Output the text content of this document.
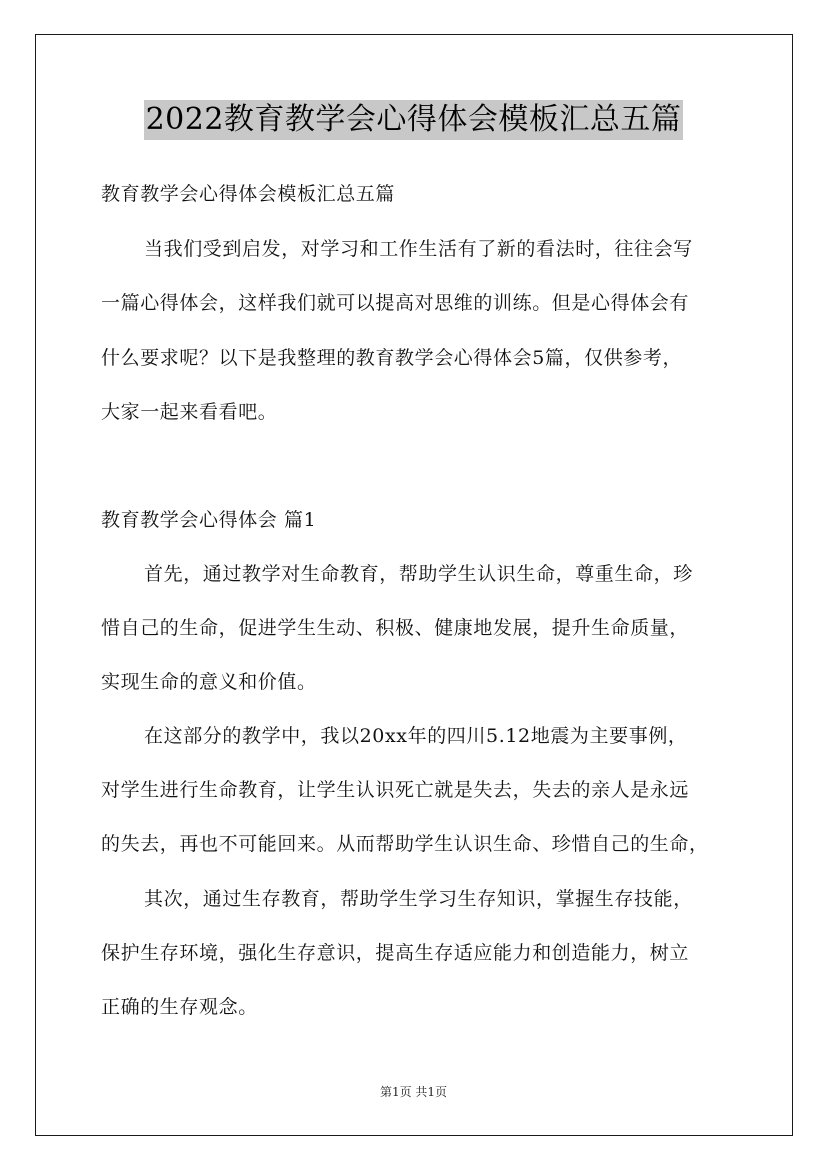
2022教育教学会心得体会模板汇总五篇
教育教学会心得体会模板汇总五篇
当我们受到启发，对学习和工作生活有了新的看法时，往往会写
一篇心得体会，这样我们就可以提高对思维的训练。但是心得体会有
什么要求呢？以下是我整理的教育教学会心得体会5篇，仅供参考，
大家一起来看看吧。
教育教学会心得体会 篇1
首先，通过教学对生命教育，帮助学生认识生命，尊重生命，珍
惜自己的生命，促进学生生动、积极、健康地发展，提升生命质量，
实现生命的意义和价值。
在这部分的教学中，我以20xx年的四川5.12地震为主要事例，
对学生进行生命教育，让学生认识死亡就是失去，失去的亲人是永远
的失去，再也不可能回来。从而帮助学生认识生命、珍惜自己的生命，
其次，通过生存教育，帮助学生学习生存知识，掌握生存技能，
保护生存环境，强化生存意识，提高生存适应能力和创造能力，树立
正确的生存观念。
第1页 共1页
